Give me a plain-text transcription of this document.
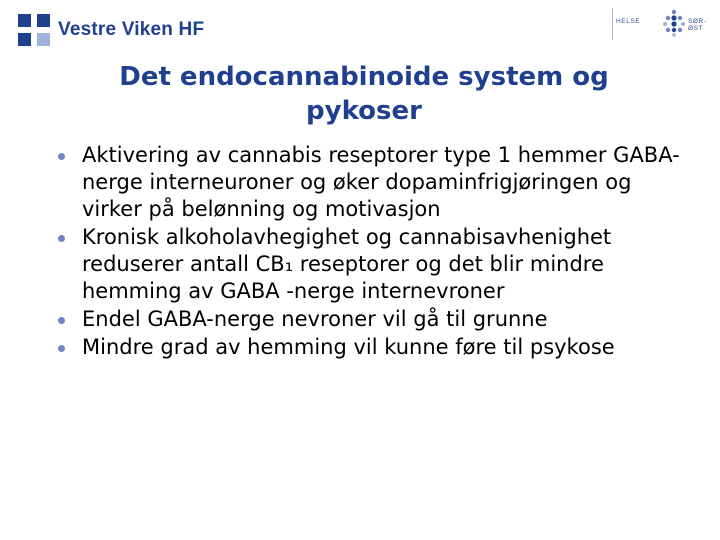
Vestre Viken HF	HELSE	SØR-ØST
Det endocannabinoide system og pykoser
Aktivering av cannabis reseptorer type 1 hemmer GABA-nerge interneuroner og øker dopaminfrigjøringen og virker på belønning og motivasjon
Kronisk alkoholavhegighet og cannabisavhenighet reduserer antall CB₁ reseptorer og det blir mindre hemming av GABA -nerge internevroner
Endel GABA-nerge nevroner vil gå til grunne
Mindre grad av hemming vil kunne føre til psykose
